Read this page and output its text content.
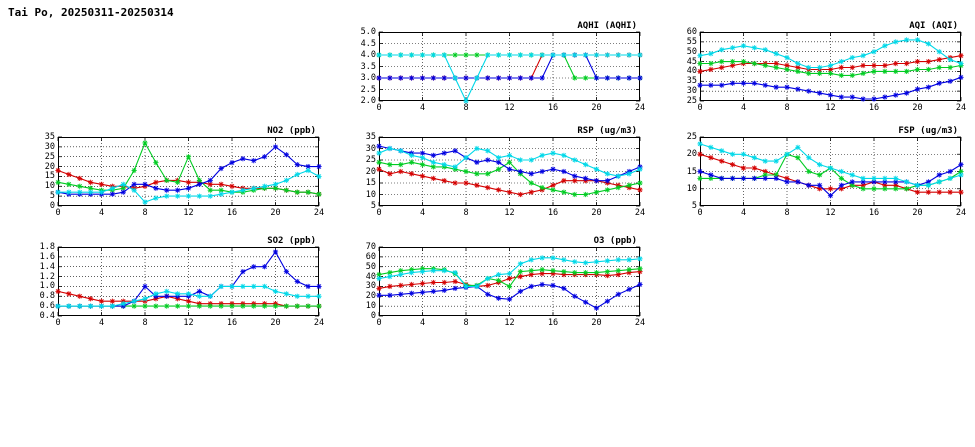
Tai Po, 20250311-20250314
AQHI (AQHI)
2.0
2.5
3.0
3.5
4.0
4.5
5.0
0	4	8	12	16	20	24
AQI (AQI)
25
30
35
40
45
50
55
60
0	4	8	12	16	20	24
NO2 (ppb)
0
5
10
15
20
25
30
35
0	4	8	12	16	20	24
RSP (ug/m3)
5
10
15
20
25
30
35
0	4	8	12	16	20	24
FSP (ug/m3)
5
10
15
20
25
0	4	8	12	16	20	24
SO2 (ppb)
0.4
0.6
0.8
1.0
1.2
1.4
1.6
1.8
0	4	8	12	16	20	24
O3 (ppb)
0
10
20
30
40
50
60
70
0	4	8	12	16	20	24
